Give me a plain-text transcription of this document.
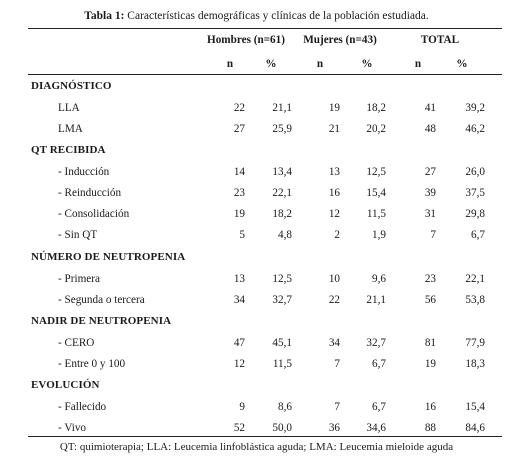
Tabla 1: Características demográficas y clínicas de la población estudiada.
Hombres (n=61)	Mujeres (n=43)	TOTAL
n	%	n	%	n	%
DIAGNÓSTICO
LLA	22	21,1	19	18,2	41	39,2
LMA	27	25,9	21	20,2	48	46,2
QT RECIBIDA
- Inducción	14	13,4	13	12,5	27	26,0
- Reinducción	23	22,1	16	15,4	39	37,5
- Consolidación	19	18,2	12	11,5	31	29,8
- Sin QT	5	4,8	2	1,9	7	6,7
NÚMERO DE NEUTROPENIA
- Primera	13	12,5	10	9,6	23	22,1
- Segunda o tercera	34	32,7	22	21,1	56	53,8
NADIR DE NEUTROPENIA
- CERO	47	45,1	34	32,7	81	77,9
- Entre 0 y 100	12	11,5	7	6,7	19	18,3
EVOLUCIÓN
- Fallecido	9	8,6	7	6,7	16	15,4
- Vivo	52	50,0	36	34,6	88	84,6
QT: quimioterapia; LLA: Leucemia linfoblástica aguda; LMA: Leucemia mieloide aguda
